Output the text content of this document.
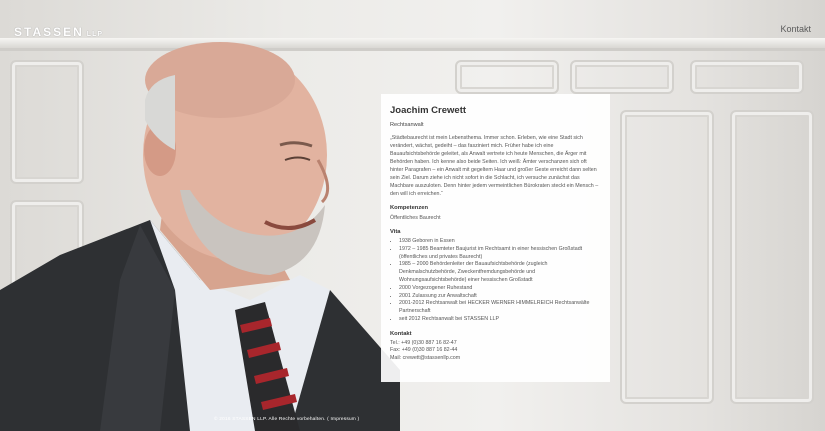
STASSEN LLP
Kontakt
Joachim Crewett
Rechtsanwalt
„Städtebaurecht ist mein Lebensthema. Immer schon. Erleben, wie eine Stadt sich verändert, wächst, gedeiht – das fasziniert mich. Früher habe ich eine Bauaufsichtsbehörde geleitet, als Anwalt vertrete ich heute Menschen, die Ärger mit Behörden haben. Ich kenne also beide Seiten. Ich weiß: Ämter verschanzen sich oft hinter Paragrafen – ein Anwalt mit gegeltem Haar und großer Geste erreicht dann selten sein Ziel. Darum ziehe ich nicht sofort in die Schlacht, ich versuche zunächst das Machbare auszuloten. Denn hinter jedem vermeintlichen Bürokraten steckt ein Mensch – den will ich erreichen.“
Kompetenzen
Öffentliches Baurecht
Vita
• 1938 Geboren in Essen
• 1972 – 1985 Beamteter Baujurist im Rechtsamt in einer hessischen Großstadt (öffentliches und privates Baurecht)
• 1985 – 2000 Behördenleiter der Bauaufsichtsbehörde (zugleich Denkmalschutzbehörde, Zweckentfremdungsbehörde und Wohnungsaufsichtsbehörde) einer hessischen Großstadt
• 2000 Vorgezogener Ruhestand
• 2001 Zulassung zur Anwaltschaft
• 2001-2012 Rechtsanwalt bei HECKER WERNER HIMMELREICH Rechtsanwälte Partnerschaft
• seit 2012 Rechtsanwalt bei STASSEN LLP
Kontakt
Tel.: +49 (0)30 887 16 82-47
Fax: +49 (0)30 887 16 82-44
Mail: crewett@stassenllp.com
© 2016 STASSEN LLP. Alle Rechte vorbehalten. ( Impressum )
